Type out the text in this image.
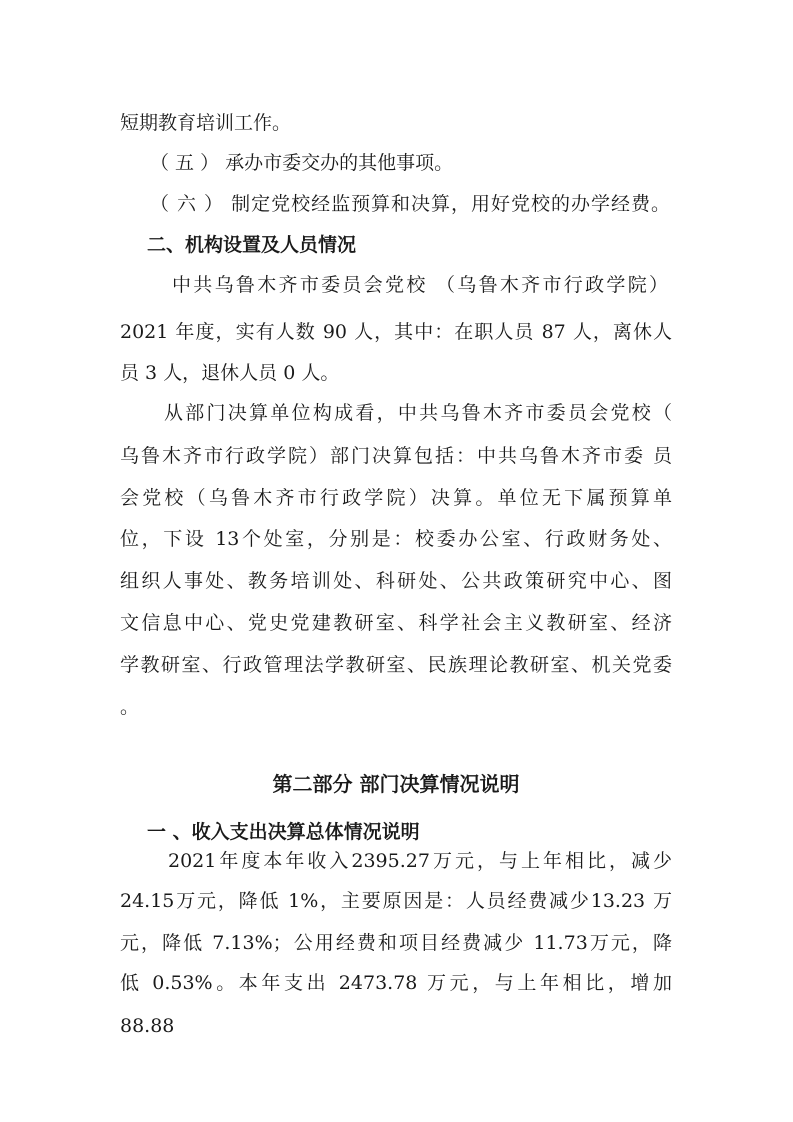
短期教育培训工作。
（ 五 ） 承办市委交办的其他事项。
（ 六 ） 制定党校经监预算和决算，用好党校的办学经费。
二、机构设置及人员情况
中共乌鲁木齐市委员会党校 （乌鲁木齐市行政学院）
2021 年度，实有人数 90 人，其中：在职人员 87 人，离休人
员 3 人，退休人员 0 人。
从部门决算单位构成看，中共乌鲁木齐市委员会党校（
乌鲁木齐市行政学院）部门决算包括：中共乌鲁木齐市委 员
会党校（乌鲁木齐市行政学院）决算。单位无下属预算单
位，下设 13个处室，分别是：校委办公室、行政财务处、
组织人事处、教务培训处、科研处、公共政策研究中心、图
文信息中心、党史党建教研室、科学社会主义教研室、经济
学教研室、行政管理法学教研室、民族理论教研室、机关党委
。
第二部分 部门决算情况说明
一 、收入支出决算总体情况说明
2021年度本年收入2395.27万元，与上年相比，减少
24.15万元，降低 1%，主要原因是：人员经费减少13.23 万
元，降低 7.13%；公用经费和项目经费减少 11.73万元，降
低 0.53%。本年支出 2473.78 万元，与上年相比，增加
88.88
